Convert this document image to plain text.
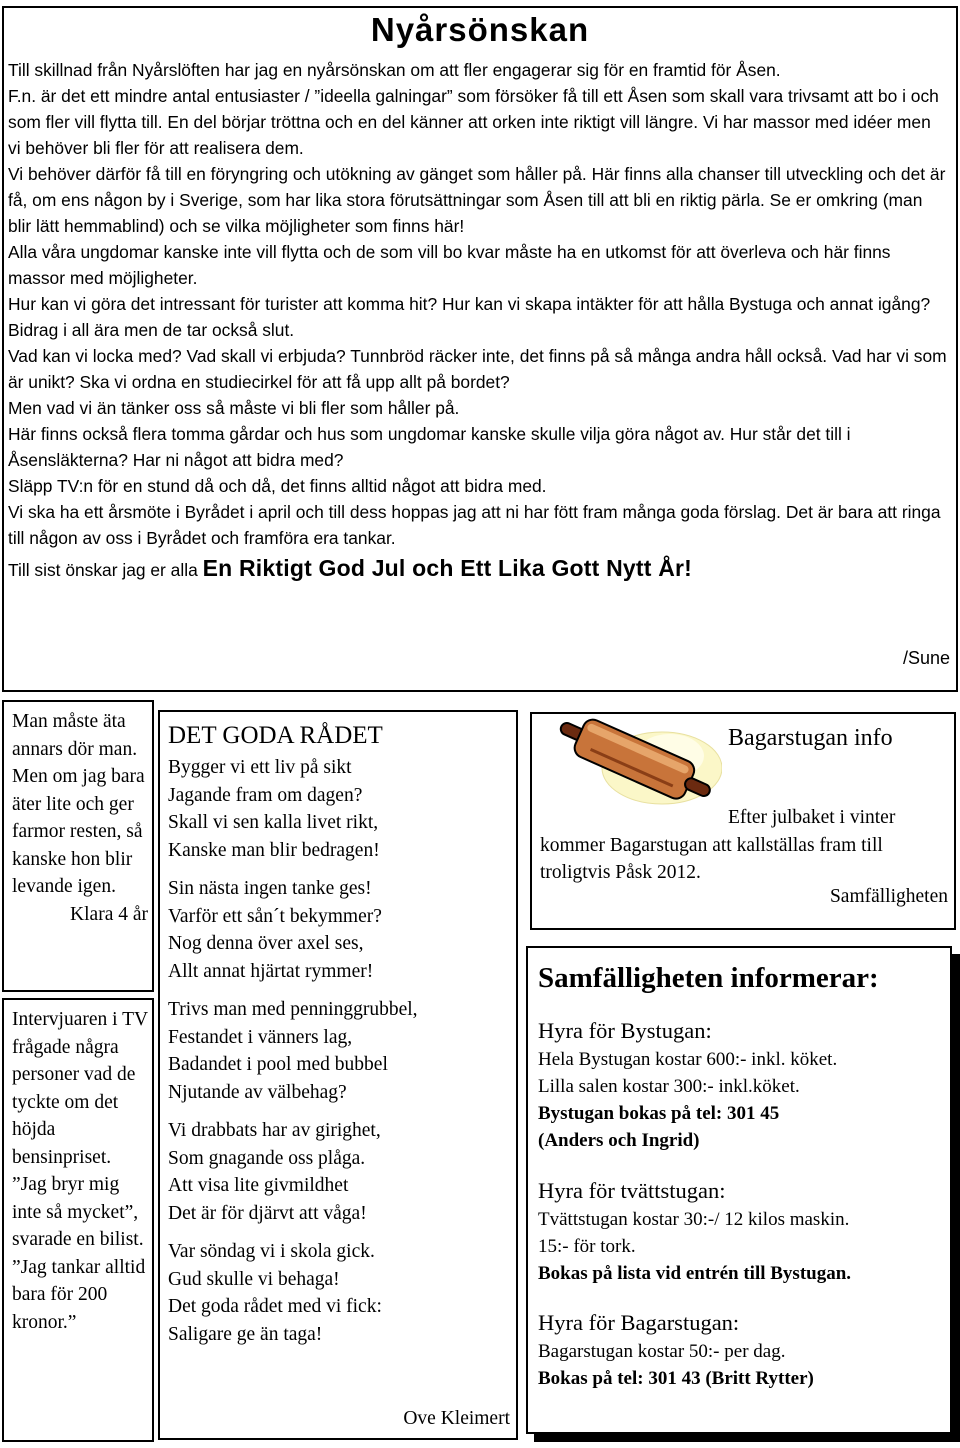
Nyårsönskan

Till skillnad från Nyårslöften har jag en nyårsönskan om att fler engagerar sig för en framtid för Åsen.

F.n. är det ett mindre antal entusiaster / ”ideella galningar” som försöker få till ett Åsen som skall vara trivsamt att bo i och som fler vill flytta till. En del börjar tröttna och en del känner att orken inte riktigt vill längre. Vi har massor med idéer men vi behöver bli fler för att realisera dem.

Vi behöver därför få till en föryngring och utökning av gänget som håller på. Här finns alla chanser till utveckling och det är få, om ens någon by i Sverige, som har lika stora förutsättningar som Åsen till att bli en riktig pärla. Se er omkring (man blir lätt hemmablind) och se vilka möjligheter som finns här!

Alla våra ungdomar kanske inte vill flytta och de som vill bo kvar måste ha en utkomst för att överleva och här finns massor med möjligheter.

Hur kan vi göra det intressant för turister att komma hit? Hur kan vi skapa intäkter för att hålla Bystuga och annat igång? Bidrag i all ära men de tar också slut.

Vad kan vi locka med? Vad skall vi erbjuda? Tunnbröd räcker inte, det finns på så många andra håll också. Vad har vi som är unikt? Ska vi ordna en studiecirkel för att få upp allt på bordet?

Men vad vi än tänker oss så måste vi bli fler som håller på.

Här finns också flera tomma gårdar och hus som ungdomar kanske skulle vilja göra något av. Hur står det till i Åsensläkterna? Har ni något att bidra med?

Släpp TV:n för en stund då och då, det finns alltid något att bidra med.

Vi ska ha ett årsmöte i Byrådet i april och till dess hoppas jag att ni har fött fram många goda förslag. Det är bara att ringa till någon av oss i Byrådet och framföra era tankar.

Till sist önskar jag er alla En Riktigt God Jul och Ett Lika Gott Nytt År!

/Sune

Man måste äta annars dör man. Men om jag bara äter lite och ger farmor resten, så kanske hon blir levande igen.
Klara 4 år

Intervjuaren i TV frågade några personer vad de tyckte om det höjda bensinpriset. ”Jag bryr mig inte så mycket”, svarade en bilist. ”Jag tankar alltid bara för 200 kronor.”

DET GODA RÅDET

Bygger vi ett liv på sikt
Jagande fram om dagen?
Skall vi sen kalla livet rikt,
Kanske man blir bedragen!

Sin nästa ingen tanke ges!
Varför ett sån´t bekymmer?
Nog denna över axel ses,
Allt annat hjärtat rymmer!

Trivs man med penninggrubbel,
Festandet i vänners lag,
Badandet i pool med bubbel
Njutande av välbehag?

Vi drabbats har av girighet,
Som gnagande oss plåga.
Att visa lite givmildhet
Det är för djärvt att våga!

Var söndag vi i skola gick.
Gud skulle vi behaga!
Det goda rådet med vi fick:
Saligare ge än taga!

Ove Kleimert
Bagarstugan info

Efter julbaket i vinter
kommer Bagarstugan att kallställas fram till troligtvis Påsk 2012.

Samfälligheten
Samfälligheten informerar:
Hyra för Bystugan:
Hela Bystugan kostar 600:- inkl. köket.
Lilla salen kostar 300:- inkl.köket.
Bystugan bokas på tel: 301 45
(Anders och Ingrid)
Hyra för tvättstugan:
Tvättstugan kostar 30:-/ 12 kilos maskin.
15:- för tork.
Bokas på lista vid entrén till Bystugan.
Hyra för Bagarstugan:
Bagarstugan kostar 50:- per dag.
Bokas på tel: 301 43 (Britt Rytter)
